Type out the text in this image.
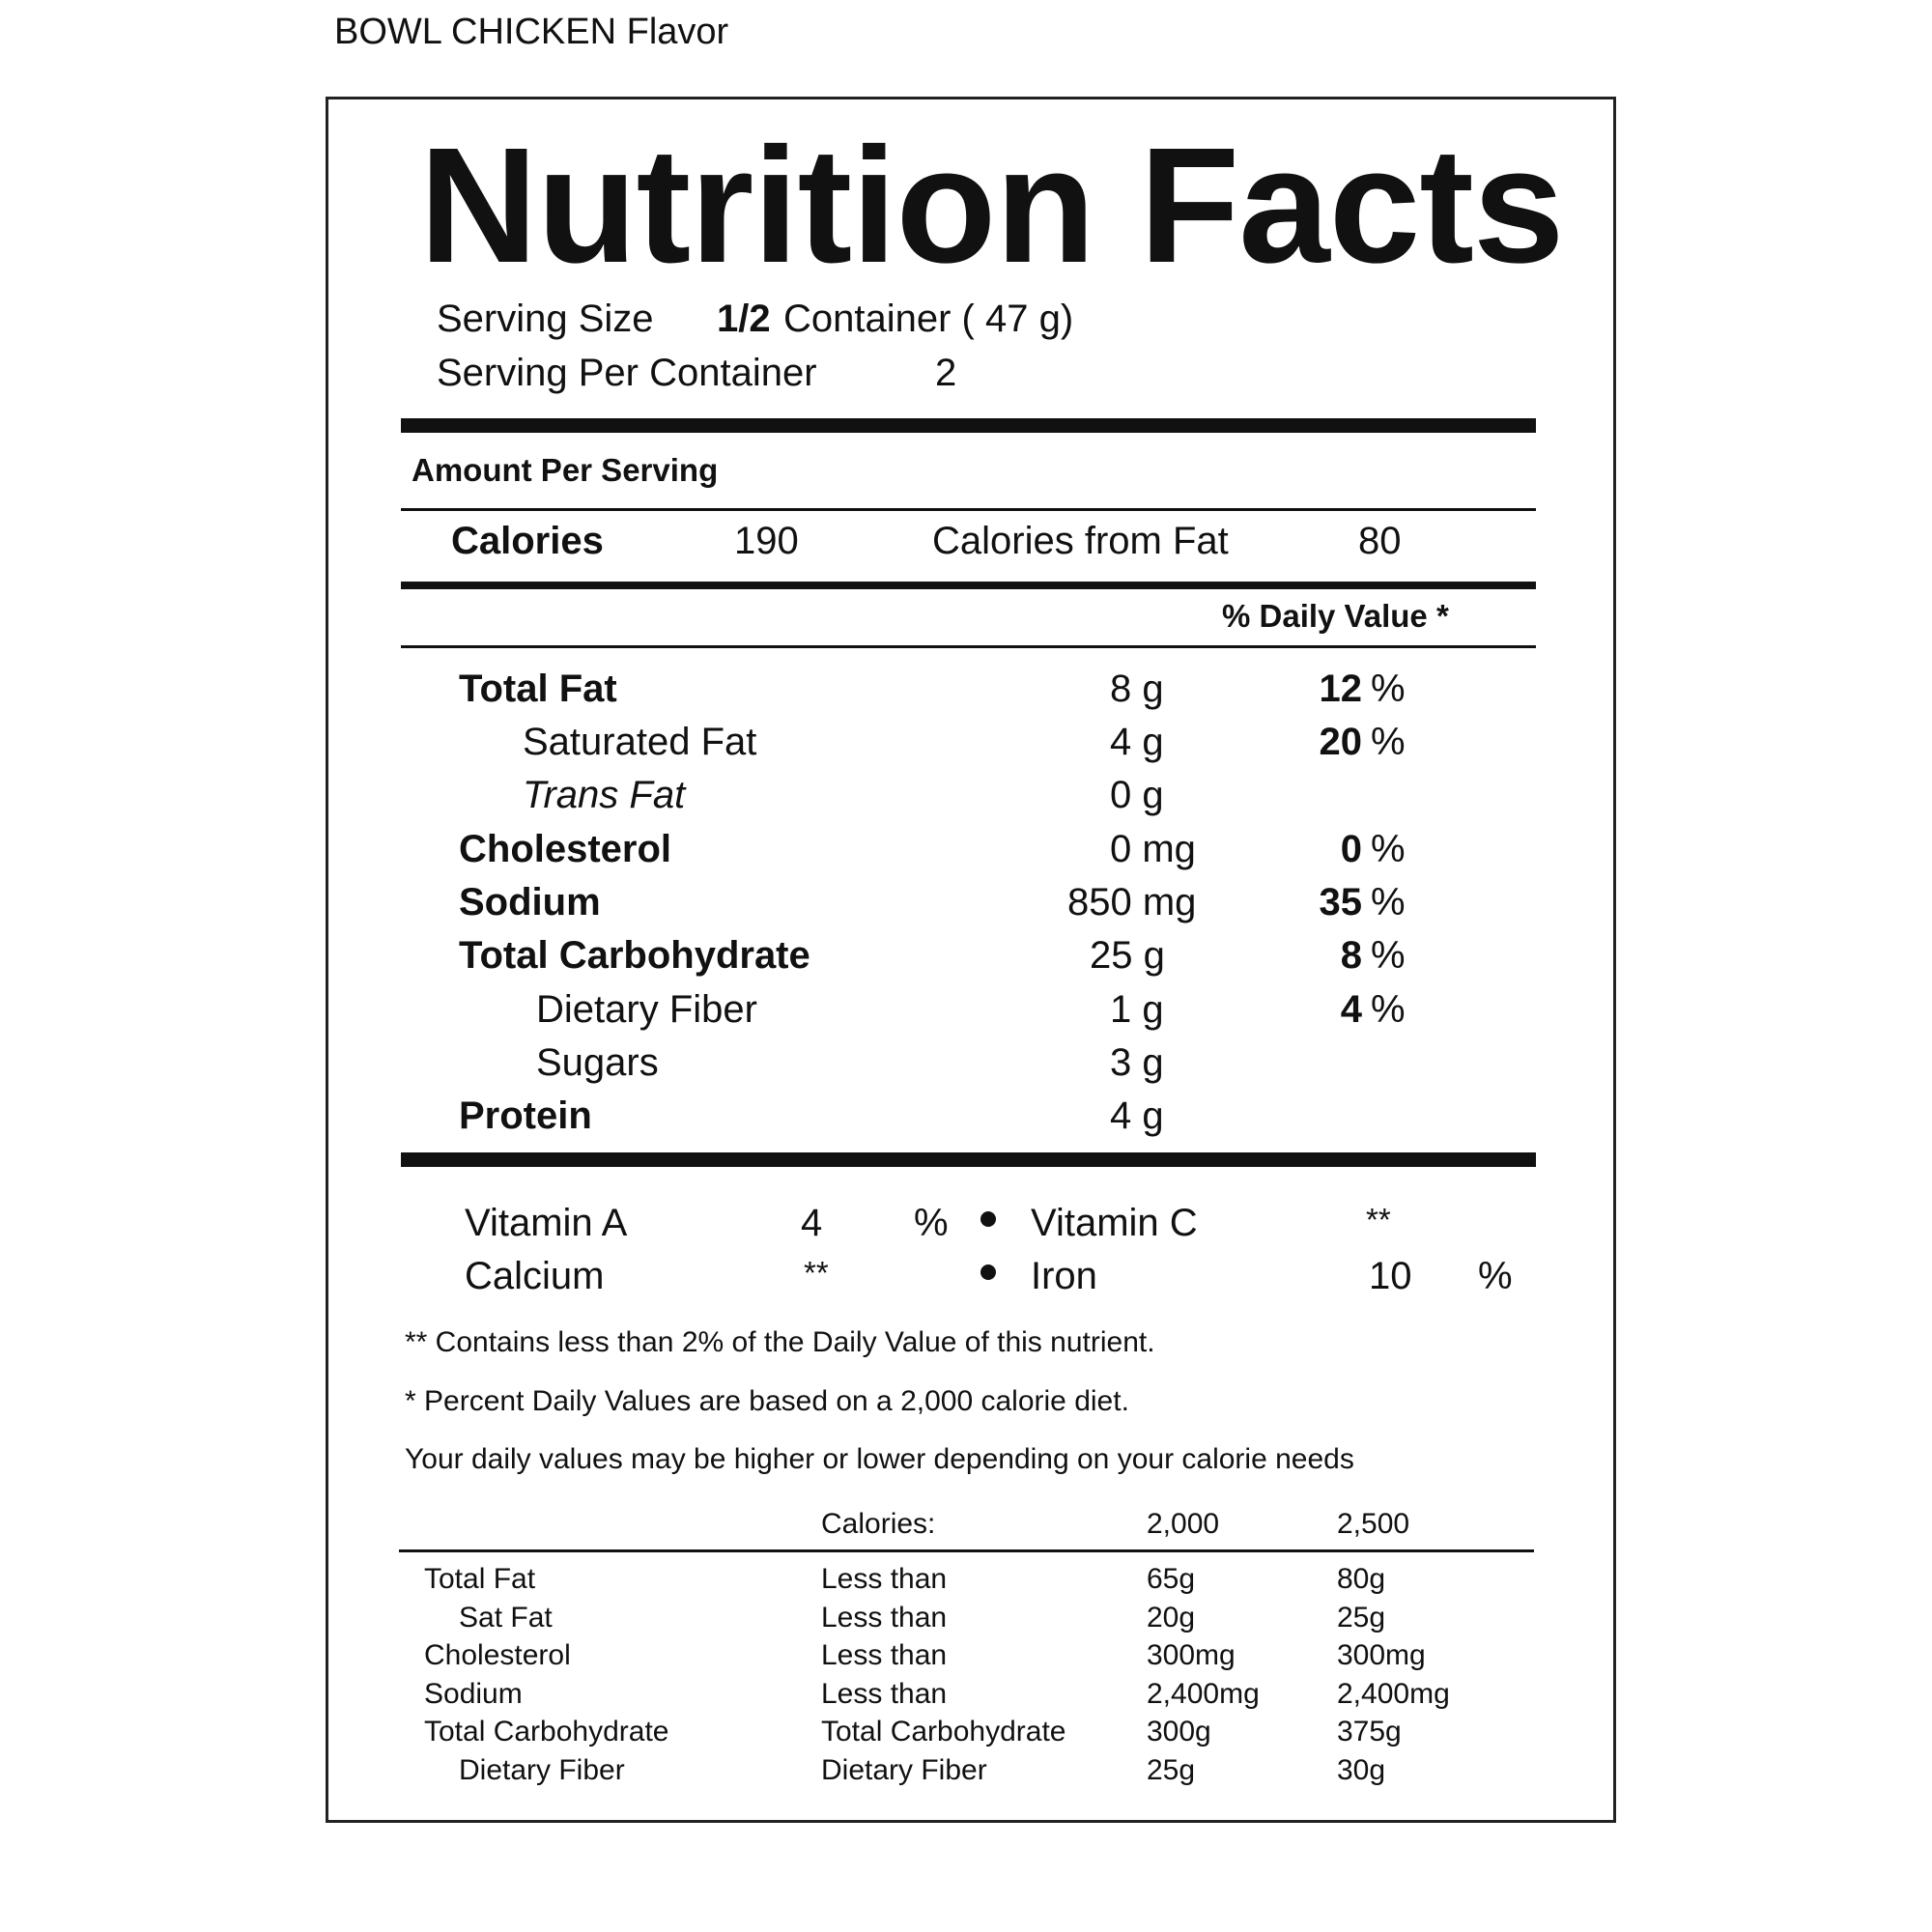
BOWL CHICKEN Flavor
Nutrition Facts
Serving Size 1/2 Container ( 47 g)
Serving Per Container	2
Amount Per Serving
Calories	190	Calories from Fat	80
% Daily Value *
Total Fat	8 g	12 %
Saturated Fat	4 g	20 %
Trans Fat	0 g
Cholesterol	0 mg	0 %
Sodium	850 mg	35 %
Total Carbohydrate	25 g	8 %
Dietary Fiber	1 g	4 %
Sugars	3 g
Protein	4 g
Vitamin A	4 % Vitamin C	**
Calcium	**	Iron	10 %
** Contains less than 2% of the Daily Value of this nutrient.
* Percent Daily Values are based on a 2,000 calorie diet.
Your daily values may be higher or lower depending on your calorie needs
Calories:	2,000	2,500
Total Fat	Less than	65g	80g
Sat Fat	Less than	20g	25g
Cholesterol	Less than	300mg	300mg
Sodium	Less than	2,400mg	2,400mg
Total Carbohydrate	Total Carbohydrate	300g	375g
Dietary Fiber	Dietary Fiber	25g	30g
